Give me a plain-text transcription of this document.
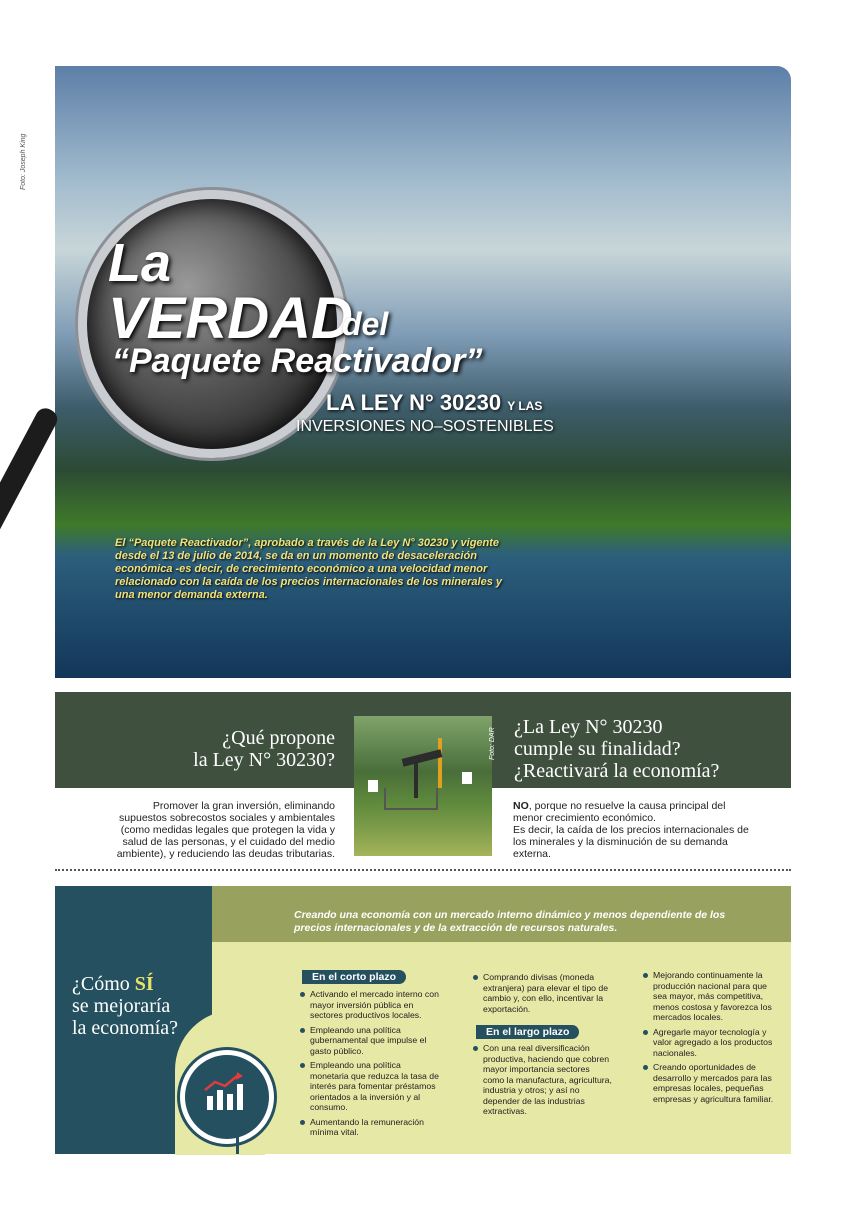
Foto: Joseph King
La
VERDAD
del
“Paquete Reactivador”
LA LEY N° 30230 Y LAS
INVERSIONES NO–SOSTENIBLES
El “Paquete Reactivador”, aprobado a través de la Ley N° 30230 y vigente desde el 13 de julio de 2014, se da en un momento de desaceleración económica -es decir, de crecimiento económico a una velocidad menor relacionado con la caída de los precios internacionales de los minerales y una menor demanda externa.
¿Qué propone
la Ley N° 30230?	Foto: DAR
¿La Ley N° 30230
cumple su finalidad?
¿Reactivará la economía?
Promover la gran inversión, eliminando supuestos sobrecostos sociales y ambientales (como medidas legales que protegen la vida y salud de las personas, y el cuidado del medio ambiente), y reduciendo las deudas tributarias.
NO, porque no resuelve la causa principal del menor crecimiento económico.
Es decir, la caída de los precios internacionales de los minerales y la disminución de su demanda externa.
Creando una economía con un mercado interno dinámico y menos dependiente de los precios internacionales y de la extracción de recursos naturales.
¿Cómo SÍ
se mejoraría
la economía?
En el corto plazo
Activando el mercado interno con mayor inversión pública en sectores productivos locales.
Empleando una política gubernamental que impulse el gasto público.
Empleando una política monetaria que reduzca la tasa de interés para fomentar préstamos orientados a la inversión y al consumo.
Aumentando la remuneración mínima vital.
Comprando divisas (moneda extranjera) para elevar el tipo de cambio y, con ello, incentivar la exportación.
En el largo plazo
Con una real diversificación productiva, haciendo que cobren mayor importancia sectores como la manufactura, agricultura, industria y otros; y así no depender de las industrias extractivas.
Mejorando continuamente la producción nacional para que sea mayor, más competitiva, menos costosa y favorezca los mercados locales.
Agregarle mayor tecnología y valor agregado a los productos nacionales.
Creando oportunidades de desarrollo y mercados para las empresas locales, pequeñas empresas y agricultura familiar.
